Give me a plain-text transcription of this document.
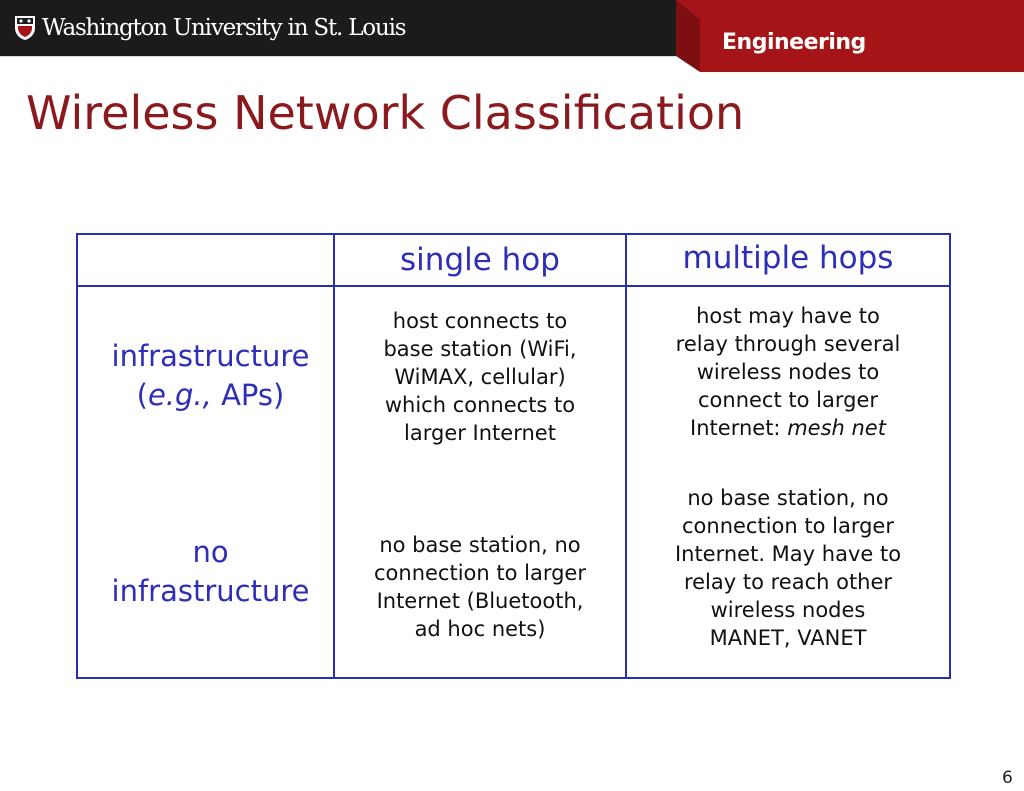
Washington University in St. Louis
Engineering
Wireless Network Classification
single hop	multiple hops
infrastructure
(e.g., APs)
host connects to
base station (WiFi,
WiMAX, cellular)
which connects to
larger Internet
host may have to
relay through several
wireless nodes to
connect to larger
Internet: mesh net
no
infrastructure
no base station, no
connection to larger
Internet (Bluetooth,
ad hoc nets)
no base station, no
connection to larger
Internet. May have to
relay to reach other
wireless nodes
MANET, VANET
6
